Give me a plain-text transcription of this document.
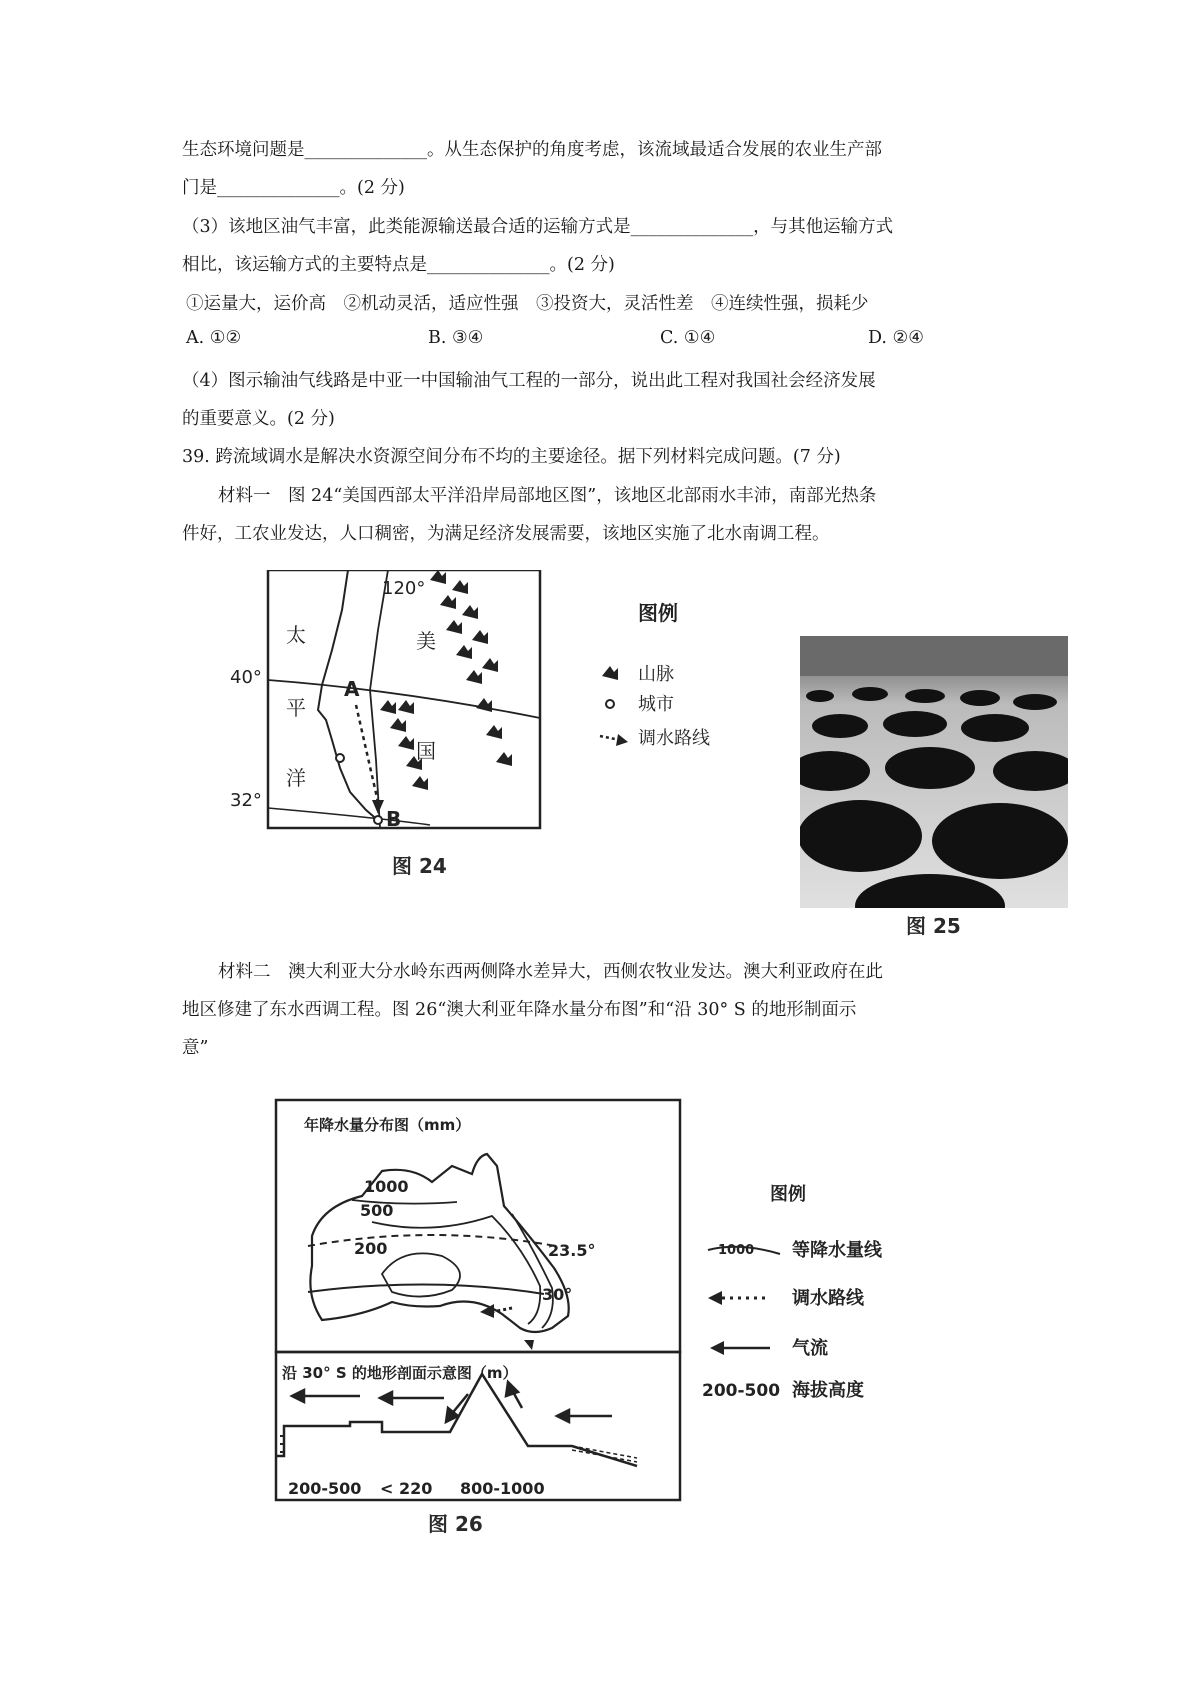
生态环境问题是______________。从生态保护的角度考虑，该流域最适合发展的农业生产部
门是______________。(2 分)
（3）该地区油气丰富，此类能源输送最合适的运输方式是______________，与其他运输方式
相比，该运输方式的主要特点是______________。(2 分)
①运量大，运价高　②机动灵活，适应性强　③投资大，灵活性差　④连续性强，损耗少
A. ①②	B. ③④	C. ①④	D. ②④
（4）图示输油气线路是中亚一中国输油气工程的一部分，说出此工程对我国社会经济发展
的重要意义。(2 分)
39. 跨流域调水是解决水资源空间分布不均的主要途径。据下列材料完成问题。(7 分)
材料一　图 24“美国西部太平洋沿岸局部地区图”，该地区北部雨水丰沛，南部光热条
件好，工农业发达，人口稠密，为满足经济发展需要，该地区实施了北水南调工程。
120°
40°
32°
太
平
洋
美
国
A
B
图例
山脉
城市
调水路线
图 24
图 25
材料二　澳大利亚大分水岭东西两侧降水差异大，西侧农牧业发达。澳大利亚政府在此
地区修建了东水西调工程。图 26“澳大利亚年降水量分布图”和“沿 30° S 的地形制面示
意”
年降水量分布图（mm）
1000
500
200	23.5°
30°
沿 30° S 的地形剖面示意图（m）
200-500 < 220 800-1000
图 26
图例
1000 等降水量线
调水路线
气流
200-500 海拔高度
